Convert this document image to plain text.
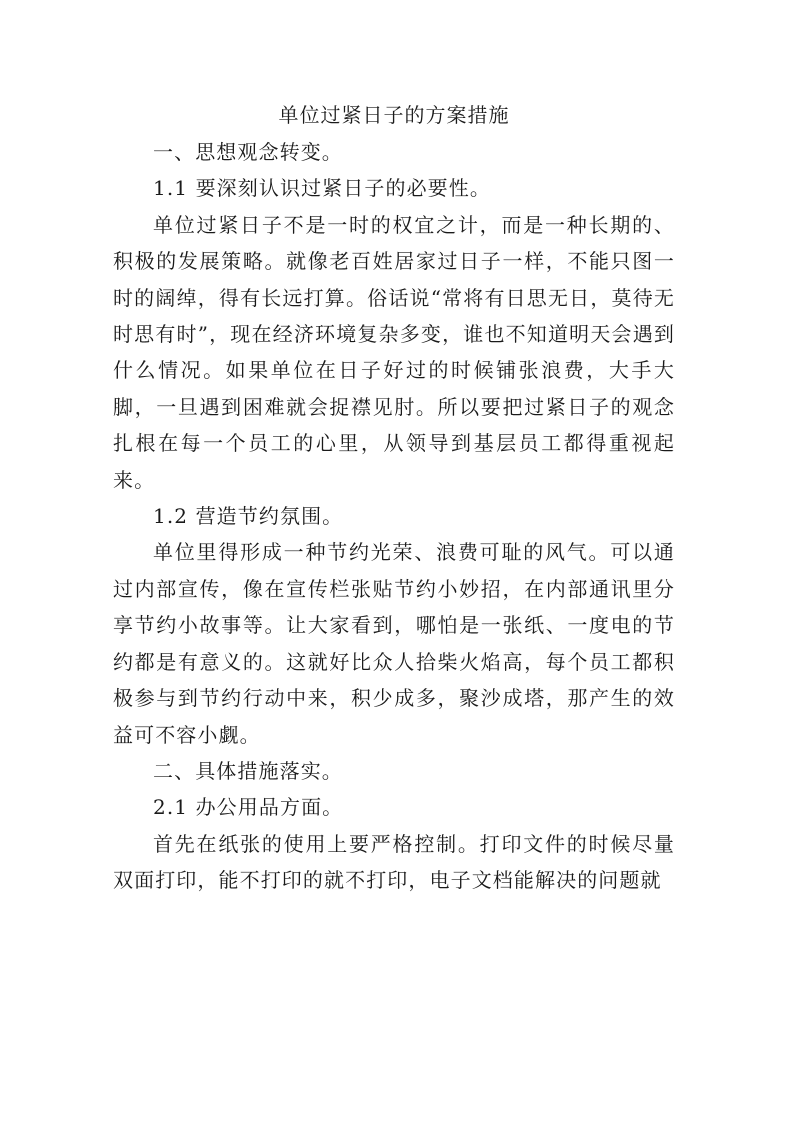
单位过紧日子的方案措施
一、思想观念转变。
1.1 要深刻认识过紧日子的必要性。

单位过紧日子不是一时的权宜之计，而是一种长期的、积极的发展策略。就像老百姓居家过日子一样，不能只图一时的阔绰，得有长远打算。俗话说“常将有日思无日，莫待无时思有时”，现在经济环境复杂多变，谁也不知道明天会遇到什么情况。如果单位在日子好过的时候铺张浪费，大手大脚，一旦遇到困难就会捉襟见肘。所以要把过紧日子的观念扎根在每一个员工的心里，从领导到基层员工都得重视起来。

1.2 营造节约氛围。

单位里得形成一种节约光荣、浪费可耻的风气。可以通过内部宣传，像在宣传栏张贴节约小妙招，在内部通讯里分享节约小故事等。让大家看到，哪怕是一张纸、一度电的节约都是有意义的。这就好比众人拾柴火焰高，每个员工都积极参与到节约行动中来，积少成多，聚沙成塔，那产生的效益可不容小觑。

二、具体措施落实。
2.1 办公用品方面。

首先在纸张的使用上要严格控制。打印文件的时候尽量双面打印，能不打印的就不打印，电子文档能解决的问题就
